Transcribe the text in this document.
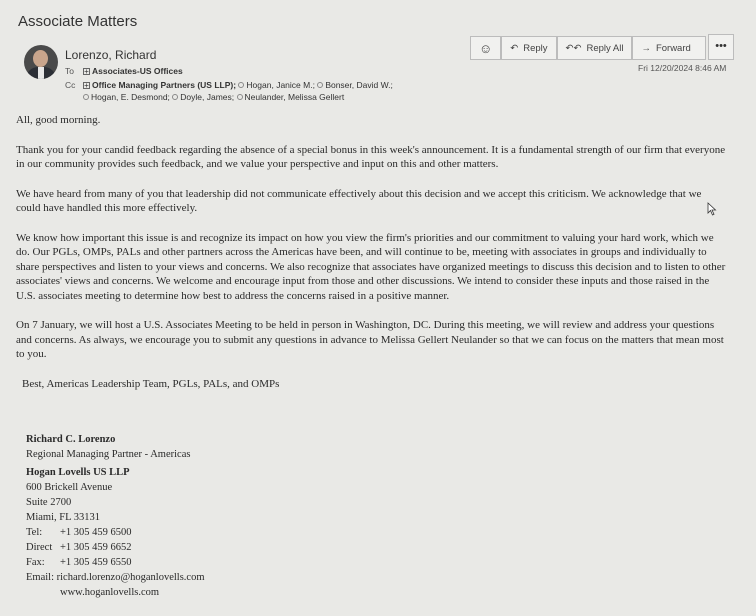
Associate Matters
Lorenzo, Richard
To + Associates-US Offices
Cc + Office Managing Partners (US LLP); Hogan, Janice M.; Bonser, David W.;
Hogan, E. Desmond; Doyle, James; Neulander, Melissa Gellert
☺ ↶ Reply ↶↶ Reply All → Forward	•••
Fri 12/20/2024 8:46 AM

All, good morning.

Thank you for your candid feedback regarding the absence of a special bonus in this week's announcement. It is a fundamental strength of our firm that everyone in our community provides such feedback, and we value your perspective and input on this and other matters.

We have heard from many of you that leadership did not communicate effectively about this decision and we accept this criticism. We acknowledge that we could have handled this more effectively.

We know how important this issue is and recognize its impact on how you view the firm's priorities and our commitment to valuing your hard work, which we do. Our PGLs, OMPs, PALs and other partners across the Americas have been, and will continue to be, meeting with associates in groups and individually to share perspectives and listen to your views and concerns. We also recognize that associates have organized meetings to discuss this decision and to listen to other associates' views and concerns. We welcome and encourage input from those and other discussions. We intend to consider these inputs and those raised in the U.S. associates meeting to determine how best to address the concerns raised in a positive manner.

On 7 January, we will host a U.S. Associates Meeting to be held in person in Washington, DC. During this meeting, we will review and address your questions and concerns. As always, we encourage you to submit any questions in advance to Melissa Gellert Neulander so that we can focus on the matters that mean most to you.

Best, Americas Leadership Team, PGLs, PALs, and OMPs

Richard C. Lorenzo
Regional Managing Partner - Americas
Hogan Lovells US LLP
600 Brickell Avenue
Suite 2700
Miami, FL 33131
Tel: +1 305 459 6500
Direct +1 305 459 6652
Fax: +1 305 459 6550
Email: richard.lorenzo@hoganlovells.com
www.hoganlovells.com
